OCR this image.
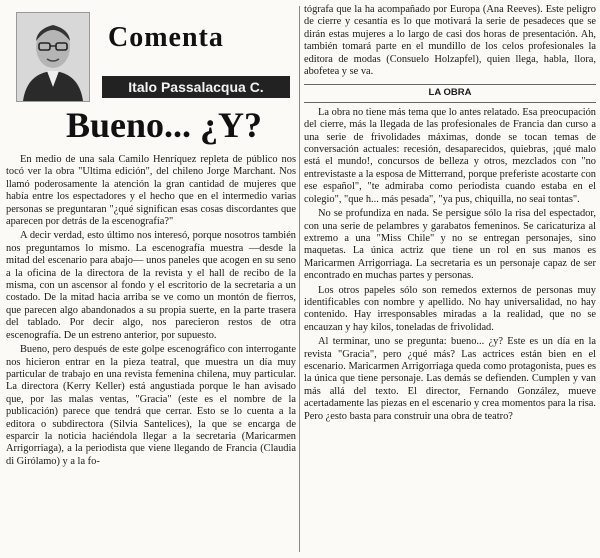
Comenta
Italo Passalacqua C.
Bueno... ¿Y?

En medio de una sala Camilo Henríquez repleta de público nos tocó ver la obra "Ultima edición", del chileno Jorge Marchant. Nos llamó poderosamente la atención la gran cantidad de mujeres que había entre los espectadores y el hecho que en el intermedio varias personas se preguntaran "¿qué significan esas cosas discordantes que aparecen por detrás de la escenografía?"

A decir verdad, esto último nos interesó, porque nosotros también nos preguntamos lo mismo. La escenografía muestra —desde la mitad del escenario para abajo— unos paneles que acogen en su seno a la oficina de la directora de la revista y el hall de recibo de la misma, con un ascensor al fondo y el escritorio de la secretaria a un costado. De la mitad hacia arriba se ve como un montón de fierros, que parecen algo abandonados a su propia suerte, en la parte trasera del tablado. Por decir algo, nos parecieron restos de otra escenografía. De un estreno anterior, por supuesto.

Bueno, pero después de este golpe escenográfico con interrogante nos hicieron entrar en la pieza teatral, que muestra un día muy particular de trabajo en una revista femenina chilena, muy particular. La directora (Kerry Keller) está angustiada porque le han avisado que, por las malas ventas, "Gracia" (este es el nombre de la publicación) parece que tendrá que cerrar. Esto se lo cuenta a la editora o subdirectora (Silvia Santelices), la que se encarga de esparcir la noticia haciéndola llegar a la secretaria (Maricarmen Arrigorriaga), a la periodista que viene llegando de Francia (Claudia di Girólamo) y a la fo-

tógrafa que la ha acompañado por Europa (Ana Reeves). Este peligro de cierre y cesantía es lo que motivará la serie de pesadeces que se dirán estas mujeres a lo largo de casi dos horas de presentación. Ah, también tomará parte en el mundillo de los celos profesionales la editora de modas (Consuelo Holzapfel), quien llega, habla, llora, abofetea y se va.

LA OBRA

La obra no tiene más tema que lo antes relatado. Esa preocupación del cierre, más la llegada de las profesionales de Francia dan curso a una serie de frivolidades máximas, donde se tocan temas de conversación actuales: recesión, desaparecidos, quiebras, ¡qué malo está el mundo!, concursos de belleza y otros, mezclados con "no entrevistaste a la esposa de Mitterrand, porque preferiste acostarte con ese español", "te admiraba como periodista cuando estaba en el colegio", "que h... más pesada", "ya pus, chiquilla, no seai tontas".

No se profundiza en nada. Se persigue sólo la risa del espectador, con una serie de pelambres y garabatos femeninos. Se caricaturiza al extremo a una "Miss Chile" y no se entregan personajes, sino maquetas. La única actriz que tiene un rol en sus manos es Maricarmen Arrigorriaga. La secretaria es un personaje capaz de ser encontrado en muchas partes y personas.

Los otros papeles sólo son remedos externos de personas muy identificables con nombre y apellido. No hay universalidad, no hay contenido. Hay irresponsables miradas a la realidad, que no se encauzan y hay kilos, toneladas de frivolidad.

Al terminar, uno se pregunta: bueno... ¿y? Este es un día en la revista "Gracia", pero ¿qué más? Las actrices están bien en el escenario. Maricarmen Arrigorriaga queda como protagonista, pues es la única que tiene personaje. Las demás se defienden. Cumplen y van más allá del texto. El director, Fernando González, mueve acertadamente las piezas en el escenario y crea momentos para la risa. Pero ¿esto basta para construir una obra de teatro?
